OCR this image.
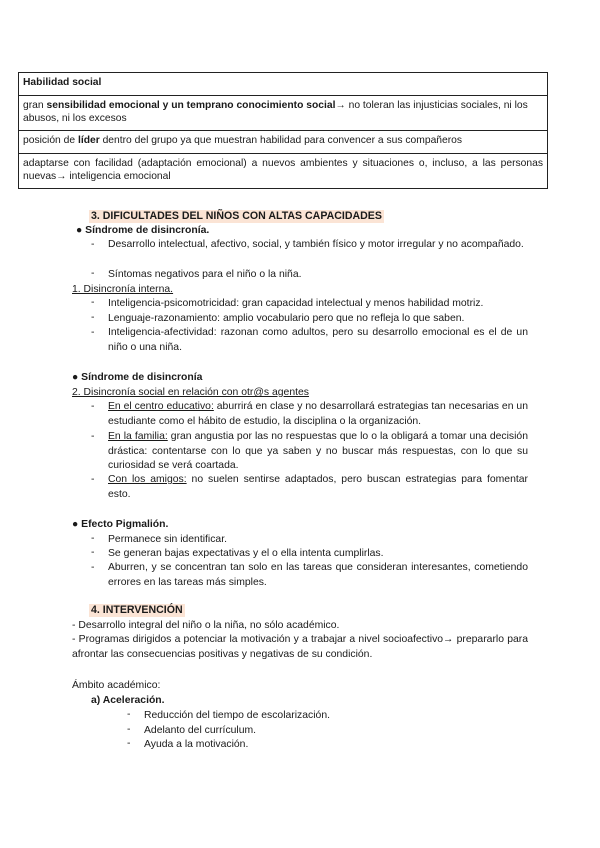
Habilidad social
gran sensibilidad emocional y un temprano conocimiento social→ no toleran las injusticias sociales, ni los abusos, ni los excesos
posición de líder dentro del grupo ya que muestran habilidad para convencer a sus compañeros
adaptarse con facilidad (adaptación emocional) a nuevos ambientes y situaciones o, incluso, a las personas nuevas→ inteligencia emocional
3. DIFICULTADES DEL NIÑOS CON ALTAS CAPACIDADES
● Síndrome de disincronía.
- Desarrollo intelectual, afectivo, social, y también físico y motor irregular y no acompañado.
- Síntomas negativos para el niño o la niña.
1. Disincronía interna.
- Inteligencia-psicomotricidad: gran capacidad intelectual y menos habilidad motriz.
- Lenguaje-razonamiento: amplio vocabulario pero que no refleja lo que saben.
- Inteligencia-afectividad: razonan como adultos, pero su desarrollo emocional es el de un niño o una niña.
● Síndrome de disincronía
2. Disincronía social en relación con otr@s agentes
- En el centro educativo: aburrirá en clase y no desarrollará estrategias tan necesarias en un estudiante como el hábito de estudio, la disciplina o la organización.
- En la familia: gran angustia por las no respuestas que lo o la obligará a tomar una decisión drástica: contentarse con lo que ya saben y no buscar más respuestas, con lo que su curiosidad se verá coartada.
- Con los amigos: no suelen sentirse adaptados, pero buscan estrategias para fomentar esto.
● Efecto Pigmalión.
- Permanece sin identificar.
- Se generan bajas expectativas y el o ella intenta cumplirlas.
- Aburren, y se concentran tan solo en las tareas que consideran interesantes, cometiendo errores en las tareas más simples.
4. INTERVENCIÓN
- Desarrollo integral del niño o la niña, no sólo académico.
- Programas dirigidos a potenciar la motivación y a trabajar a nivel socioafectivo→ prepararlo para afrontar las consecuencias positivas y negativas de su condición.
Ámbito académico:
a) Aceleración.
- Reducción del tiempo de escolarización.
- Adelanto del currículum.
- Ayuda a la motivación.
